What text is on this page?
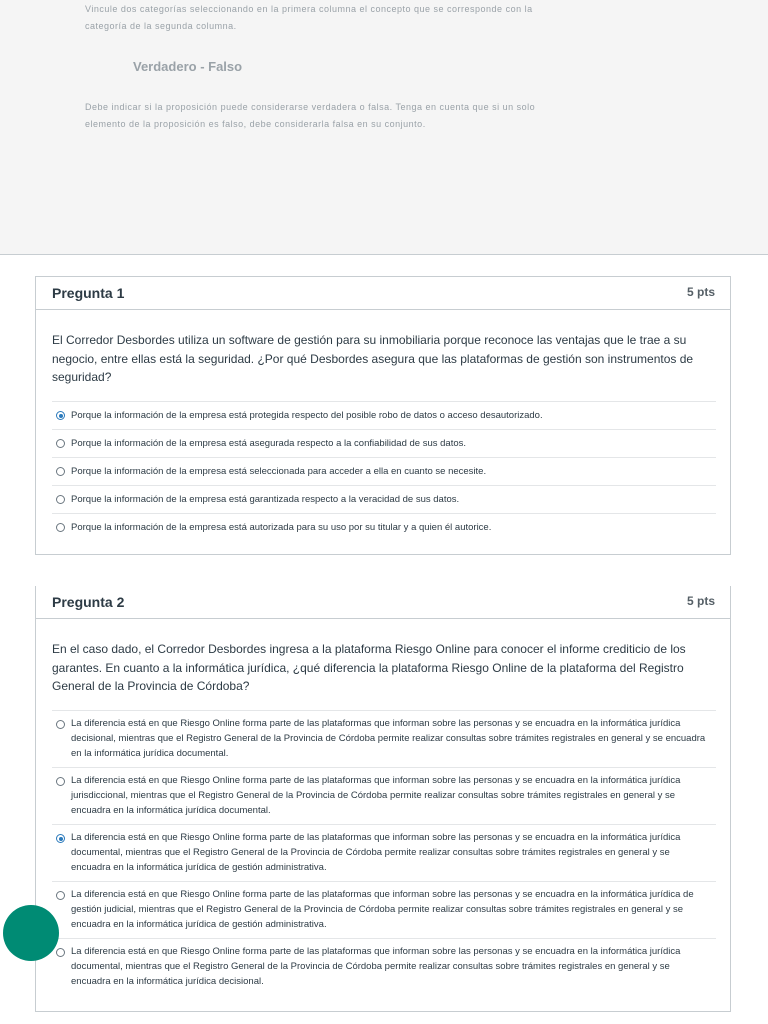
Vincule dos categorías seleccionando en la primera columna el concepto que se corresponde con la categoría de la segunda columna.
Verdadero - Falso
Debe indicar si la proposición puede considerarse verdadera o falsa. Tenga en cuenta que si un solo elemento de la proposición es falso, debe considerarla falsa en su conjunto.
Pregunta 1	5 pts
El Corredor Desbordes utiliza un software de gestión para su inmobiliaria porque reconoce las ventajas que le trae a su negocio, entre ellas está la seguridad. ¿Por qué Desbordes asegura que las plataformas de gestión son instrumentos de seguridad?
Porque la información de la empresa está protegida respecto del posible robo de datos o acceso desautorizado.
Porque la información de la empresa está asegurada respecto a la confiabilidad de sus datos.
Porque la información de la empresa está seleccionada para acceder a ella en cuanto se necesite.
Porque la información de la empresa está garantizada respecto a la veracidad de sus datos.
Porque la información de la empresa está autorizada para su uso por su titular y a quien él autorice.
Pregunta 2	5 pts
En el caso dado, el Corredor Desbordes ingresa a la plataforma Riesgo Online para conocer el informe crediticio de los garantes. En cuanto a la informática jurídica, ¿qué diferencia la plataforma Riesgo Online de la plataforma del Registro General de la Provincia de Córdoba?
La diferencia está en que Riesgo Online forma parte de las plataformas que informan sobre las personas y se encuadra en la informática jurídica decisional, mientras que el Registro General de la Provincia de Córdoba permite realizar consultas sobre trámites registrales en general y se encuadra en la informática jurídica documental.
La diferencia está en que Riesgo Online forma parte de las plataformas que informan sobre las personas y se encuadra en la informática jurídica jurisdiccional, mientras que el Registro General de la Provincia de Córdoba permite realizar consultas sobre trámites registrales en general y se encuadra en la informática jurídica documental.
La diferencia está en que Riesgo Online forma parte de las plataformas que informan sobre las personas y se encuadra en la informática jurídica documental, mientras que el Registro General de la Provincia de Córdoba permite realizar consultas sobre trámites registrales en general y se encuadra en la informática jurídica de gestión administrativa.
La diferencia está en que Riesgo Online forma parte de las plataformas que informan sobre las personas y se encuadra en la informática jurídica de gestión judicial, mientras que el Registro General de la Provincia de Córdoba permite realizar consultas sobre trámites registrales en general y se encuadra en la informática jurídica de gestión administrativa.
La diferencia está en que Riesgo Online forma parte de las plataformas que informan sobre las personas y se encuadra en la informática jurídica documental, mientras que el Registro General de la Provincia de Córdoba permite realizar consultas sobre trámites registrales en general y se encuadra en la informática jurídica decisional.
